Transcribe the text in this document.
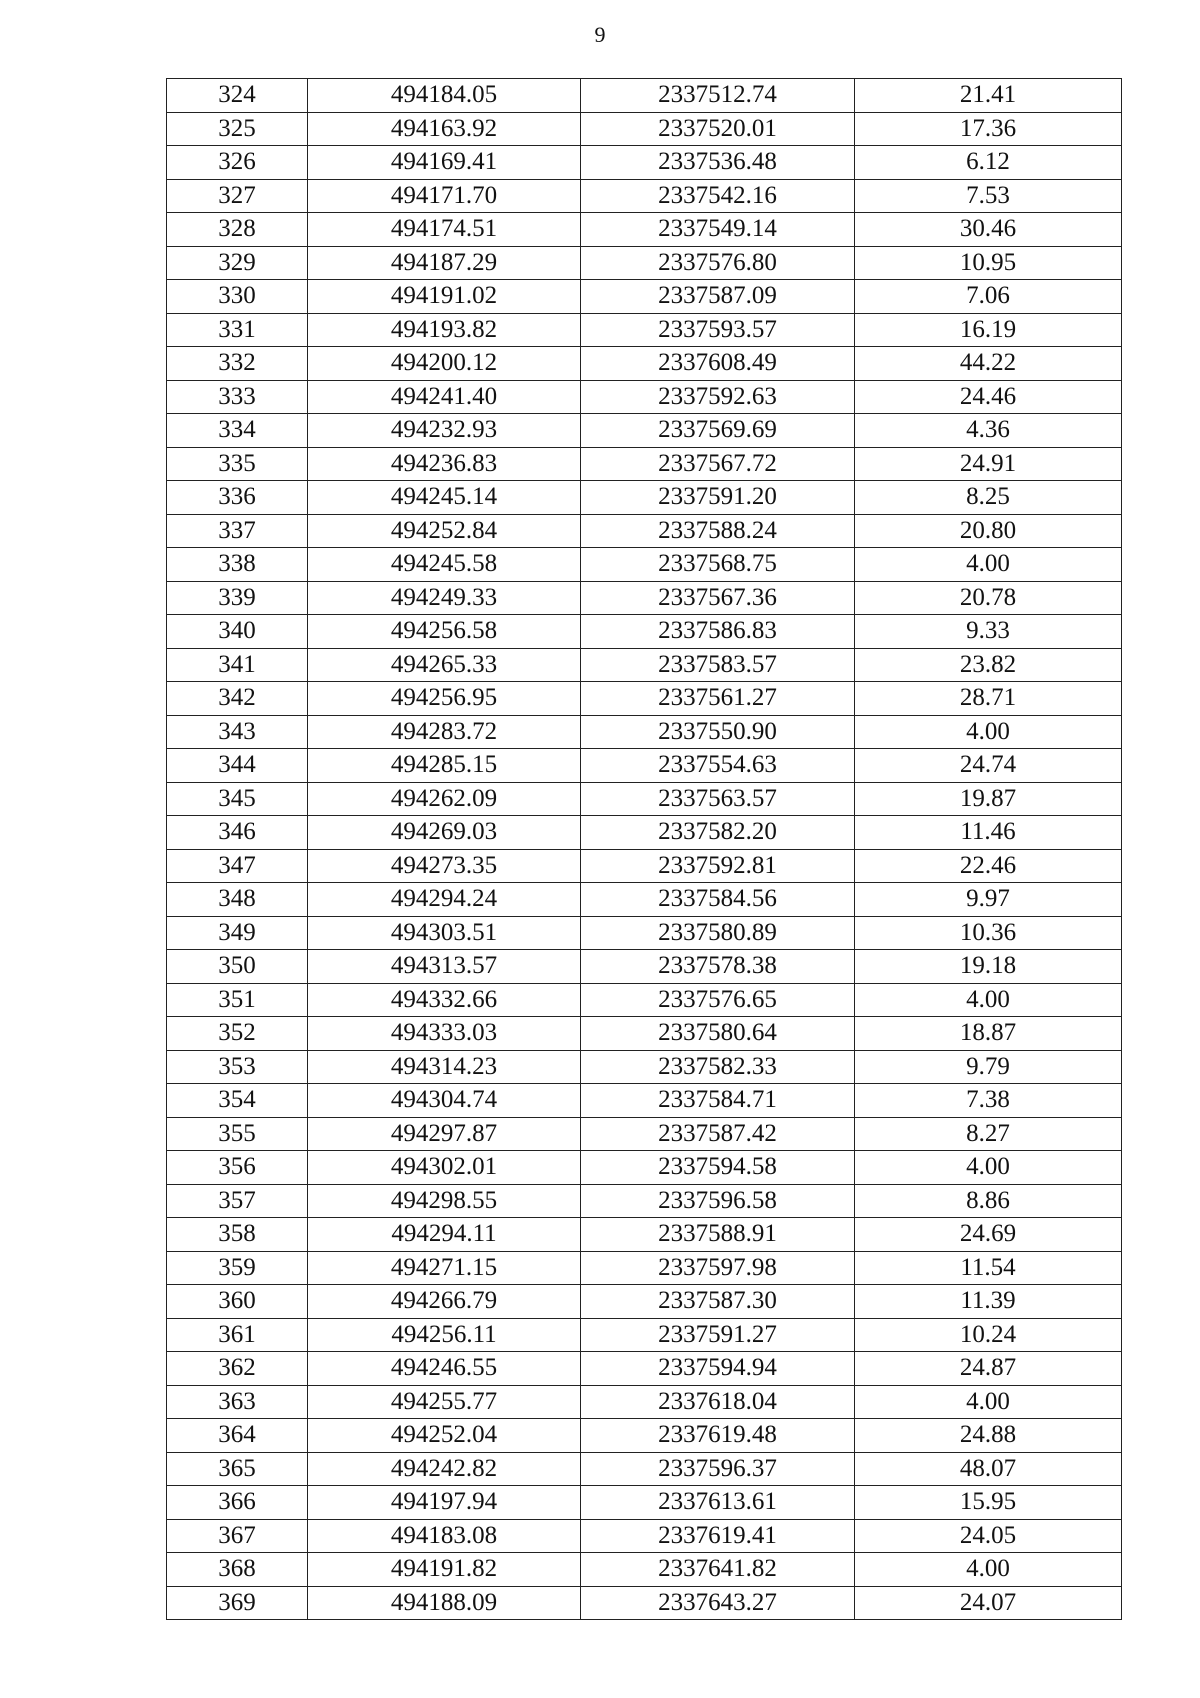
9
324	494184.05	2337512.74	21.41
325	494163.92	2337520.01	17.36
326	494169.41	2337536.48	6.12
327	494171.70	2337542.16	7.53
328	494174.51	2337549.14	30.46
329	494187.29	2337576.80	10.95
330	494191.02	2337587.09	7.06
331	494193.82	2337593.57	16.19
332	494200.12	2337608.49	44.22
333	494241.40	2337592.63	24.46
334	494232.93	2337569.69	4.36
335	494236.83	2337567.72	24.91
336	494245.14	2337591.20	8.25
337	494252.84	2337588.24	20.80
338	494245.58	2337568.75	4.00
339	494249.33	2337567.36	20.78
340	494256.58	2337586.83	9.33
341	494265.33	2337583.57	23.82
342	494256.95	2337561.27	28.71
343	494283.72	2337550.90	4.00
344	494285.15	2337554.63	24.74
345	494262.09	2337563.57	19.87
346	494269.03	2337582.20	11.46
347	494273.35	2337592.81	22.46
348	494294.24	2337584.56	9.97
349	494303.51	2337580.89	10.36
350	494313.57	2337578.38	19.18
351	494332.66	2337576.65	4.00
352	494333.03	2337580.64	18.87
353	494314.23	2337582.33	9.79
354	494304.74	2337584.71	7.38
355	494297.87	2337587.42	8.27
356	494302.01	2337594.58	4.00
357	494298.55	2337596.58	8.86
358	494294.11	2337588.91	24.69
359	494271.15	2337597.98	11.54
360	494266.79	2337587.30	11.39
361	494256.11	2337591.27	10.24
362	494246.55	2337594.94	24.87
363	494255.77	2337618.04	4.00
364	494252.04	2337619.48	24.88
365	494242.82	2337596.37	48.07
366	494197.94	2337613.61	15.95
367	494183.08	2337619.41	24.05
368	494191.82	2337641.82	4.00
369	494188.09	2337643.27	24.07
